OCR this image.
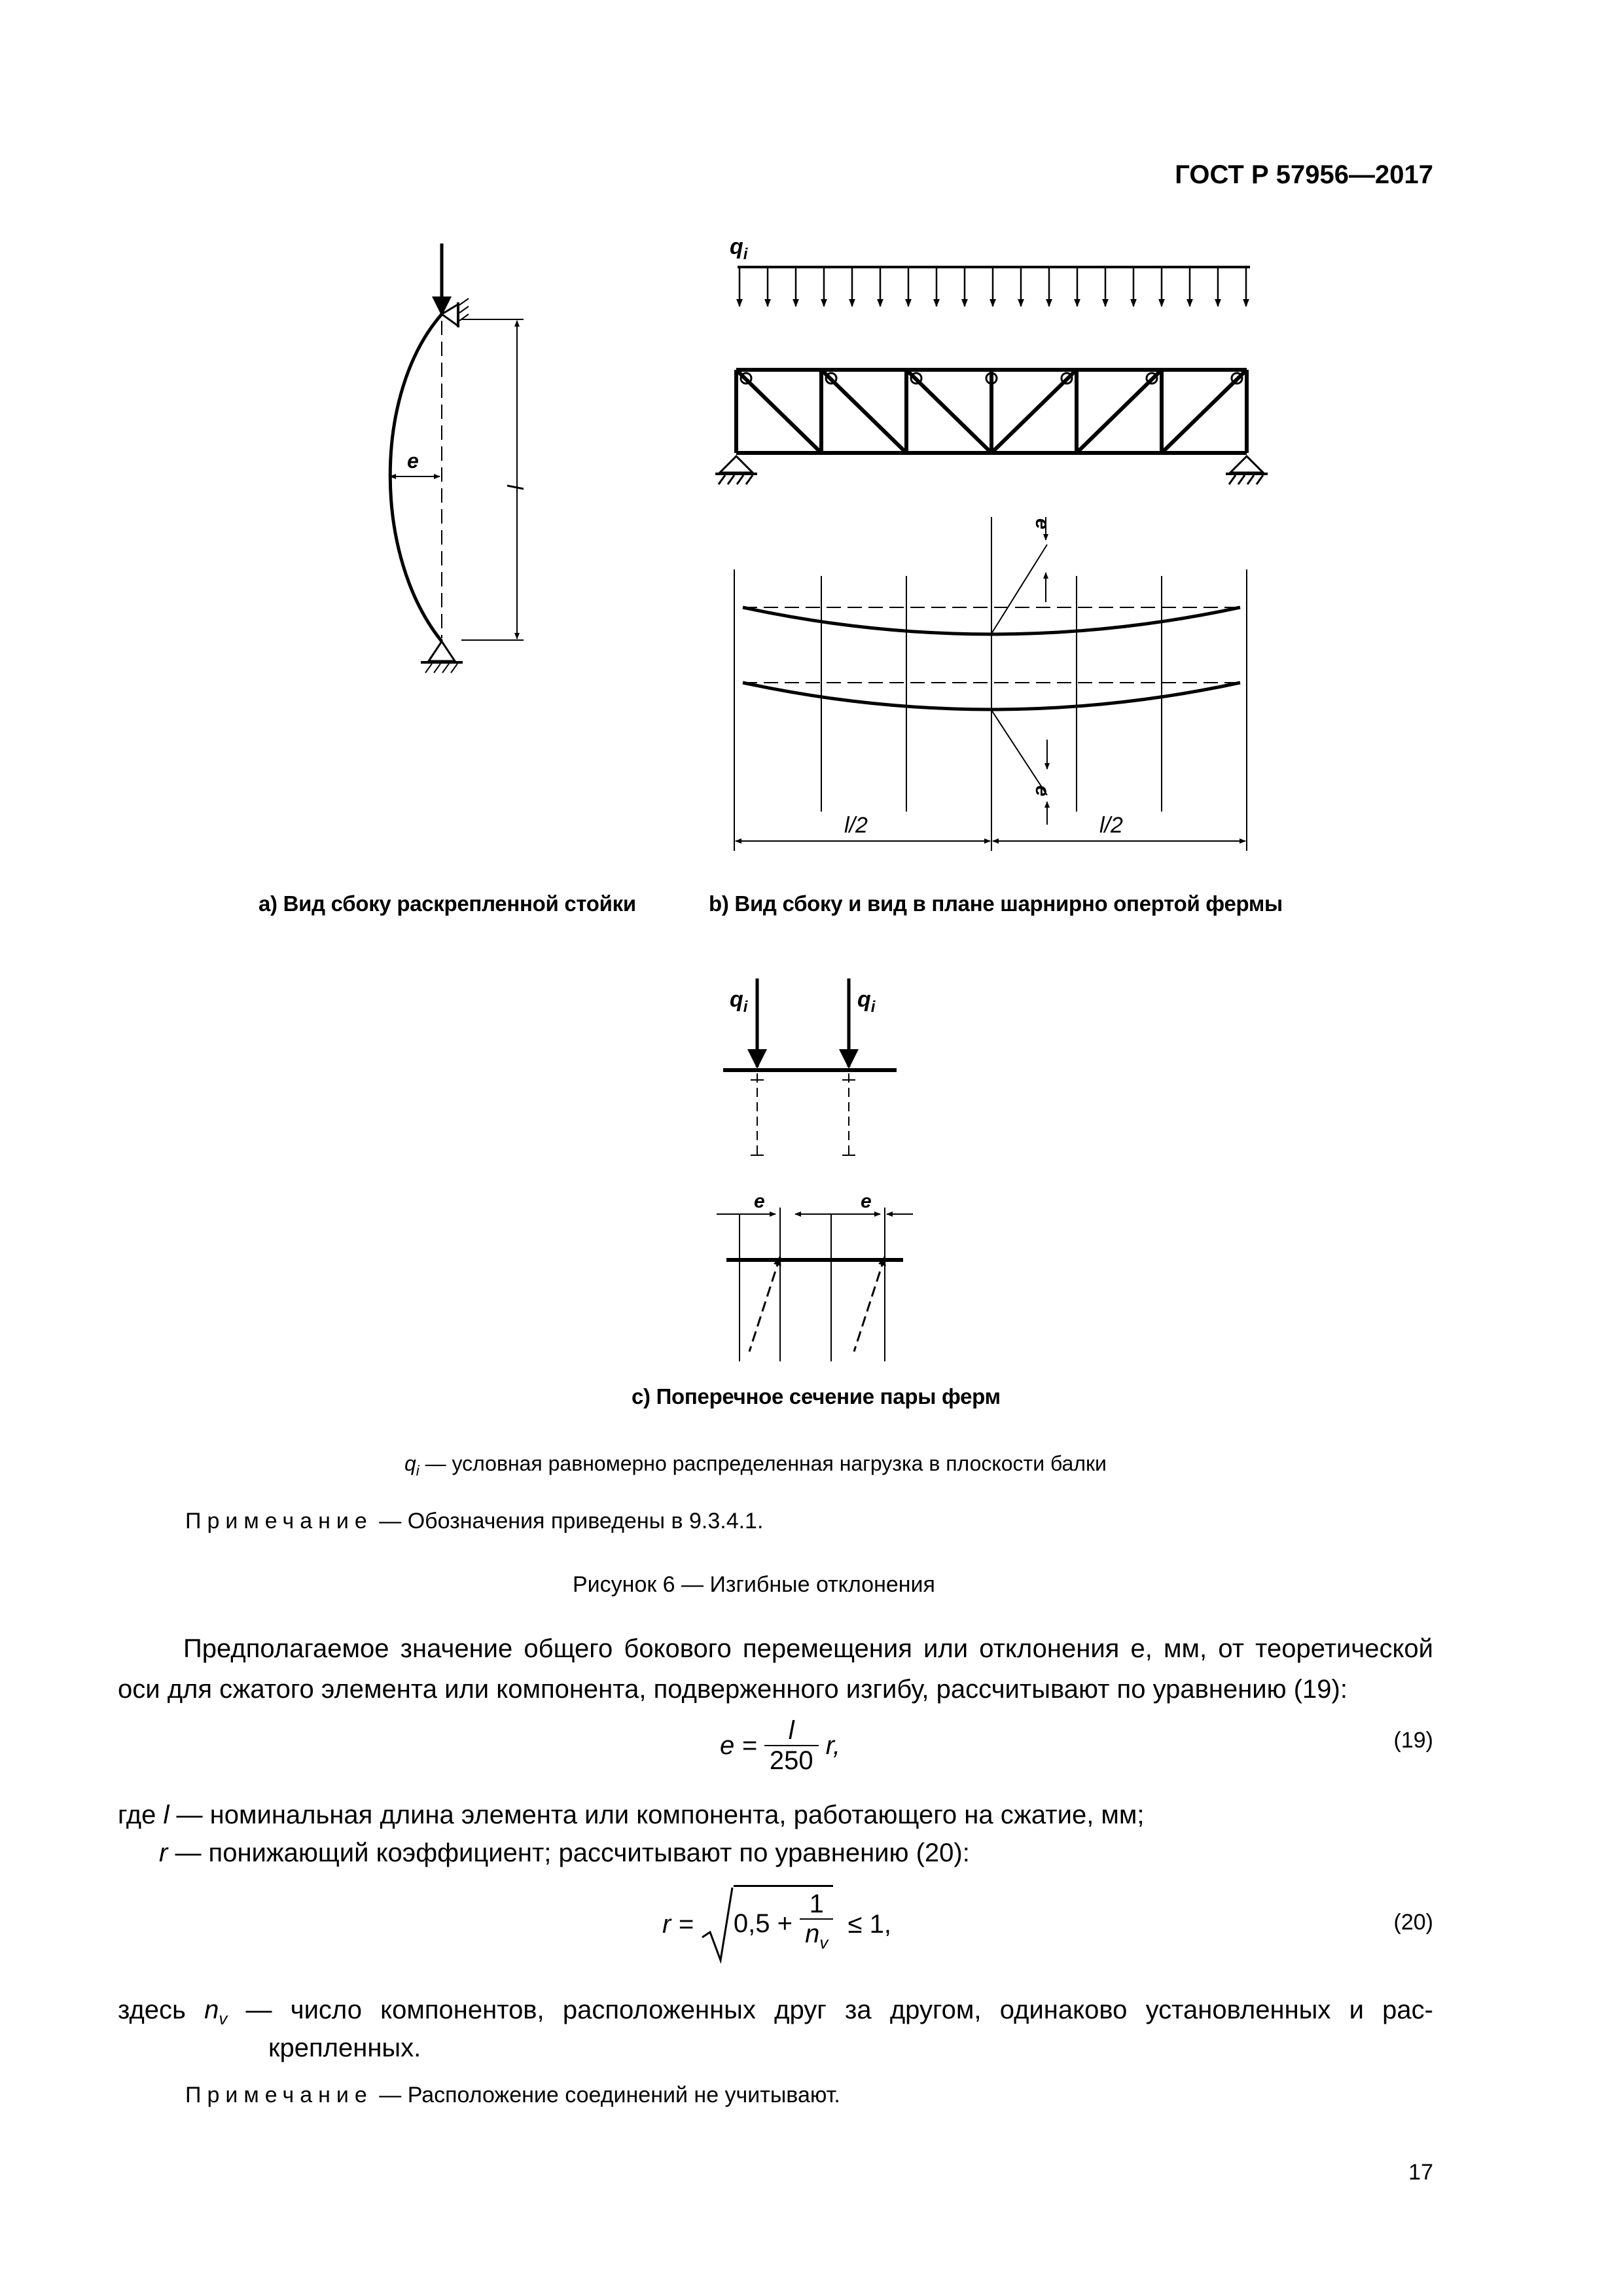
ГОСТ Р 57956—2017
e
l
$q_i$
e
e
l/2	l/2
$q_i$	$q_i$
e	e
a) Вид сбоку раскрепленной стойки	b) Вид сбоку и вид в плане шарнирно опертой фермы
c) Поперечное сечение пары ферм
$q_i$ — условная равномерно распределенная нагрузка в плоскости балки
Примечание — Обозначения приведены в 9.3.4.1.
Рисунок 6 — Изгибные отклонения
Предполагаемое значение общего бокового перемещения или отклонения e, мм, от теоретической оси для сжатого элемента или компонента, подверженного изгибу, рассчитывают по уравнению (19):
e =
$\frac{l}{250}$
r,	(19)
где l — номинальная длина элемента или компонента, работающего на сжатие, мм;
r — понижающий коэффициент; рассчитывают по уравнению (20):
r =
0,5 +
$\frac{1}{n_v}$
≤ 1,	(20)
здесь $n_v$ — число компонентов, расположенных друг за другом, одинаково установленных и рас-
крепленных.
Примечание — Расположение соединений не учитывают.
17
